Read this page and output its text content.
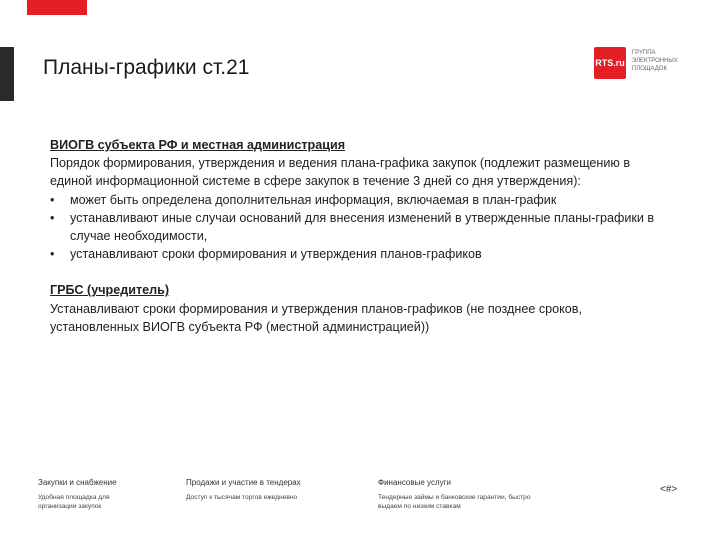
Планы-графики ст.21	RTS.ru
ГРУППА
ЭЛЕКТРОННЫХ
ПЛОЩАДОК

ВИОГВ субъекта РФ и местная администрация

Порядок формирования, утверждения и ведения плана-графика закупок (подлежит размещению в единой информационной системе в сфере закупок в течение 3 дней со дня утверждения):

• может быть определена дополнительная информация, включаемая в план-график
• устанавливают иные случаи оснований для внесения изменений в утвержденные планы-графики в случае необходимости,
• устанавливают сроки формирования и утверждения планов-графиков

ГРБС (учредитель)

Устанавливают сроки формирования и утверждения планов-графиков (не позднее сроков, установленных ВИОГВ субъекта РФ (местной администрацией))

Закупки и снабжение
Удобная площадка для организации закупок
Продажи и участие в тендерах
Доступ к тысячам торгов ежедневно
Финансовые услуги
Тендерные займы и банковские гарантии, быстро выдаем по низким ставкам
<#>
